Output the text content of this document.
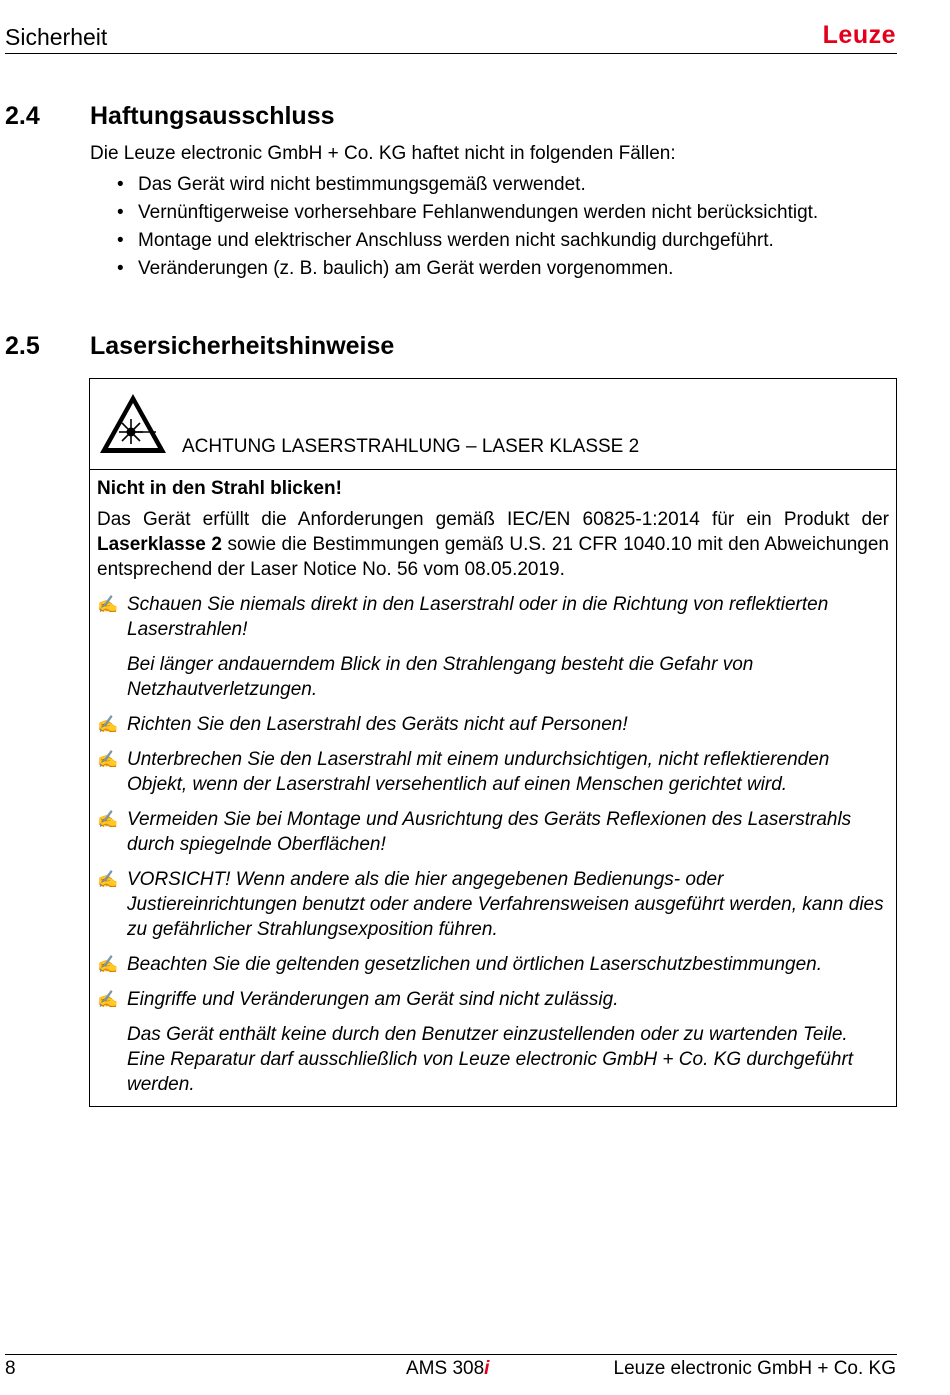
Sicherheit	Leuze
2.4 Haftungsausschluss
Die Leuze electronic GmbH + Co. KG haftet nicht in folgenden Fällen:
• Das Gerät wird nicht bestimmungsgemäß verwendet.
• Vernünftigerweise vorhersehbare Fehlanwendungen werden nicht berücksichtigt.
• Montage und elektrischer Anschluss werden nicht sachkundig durchgeführt.
• Veränderungen (z. B. baulich) am Gerät werden vorgenommen.
2.5 Lasersicherheitshinweise
ACHTUNG LASERSTRAHLUNG – LASER KLASSE 2
Nicht in den Strahl blicken!

Das Gerät erfüllt die Anforderungen gemäß IEC/EN 60825-1:2014 für ein Produkt der Laserklasse 2 sowie die Bestimmungen gemäß U.S. 21 CFR 1040.10 mit den Abweichungen entsprechend der Laser Notice No. 56 vom 08.05.2019.

✍ Schauen Sie niemals direkt in den Laserstrahl oder in die Richtung von reflektierten Laserstrahlen!
Bei länger andauerndem Blick in den Strahlengang besteht die Gefahr von Netzhautverletzungen.
✍ Richten Sie den Laserstrahl des Geräts nicht auf Personen!
✍ Unterbrechen Sie den Laserstrahl mit einem undurchsichtigen, nicht reflektierenden Objekt, wenn der Laserstrahl versehentlich auf einen Menschen gerichtet wird.
✍ Vermeiden Sie bei Montage und Ausrichtung des Geräts Reflexionen des Laserstrahls durch spiegelnde Oberflächen!
✍ VORSICHT! Wenn andere als die hier angegebenen Bedienungs- oder Justiereinrichtungen benutzt oder andere Verfahrensweisen ausgeführt werden, kann dies zu gefährlicher Strahlungsexposition führen.
✍ Beachten Sie die geltenden gesetzlichen und örtlichen Laserschutzbestimmungen.
✍ Eingriffe und Veränderungen am Gerät sind nicht zulässig.
Das Gerät enthält keine durch den Benutzer einzustellenden oder zu wartenden Teile. Eine Reparatur darf ausschließlich von Leuze electronic GmbH + Co. KG durchgeführt werden.
8	AMS 308i	Leuze electronic GmbH + Co. KG
